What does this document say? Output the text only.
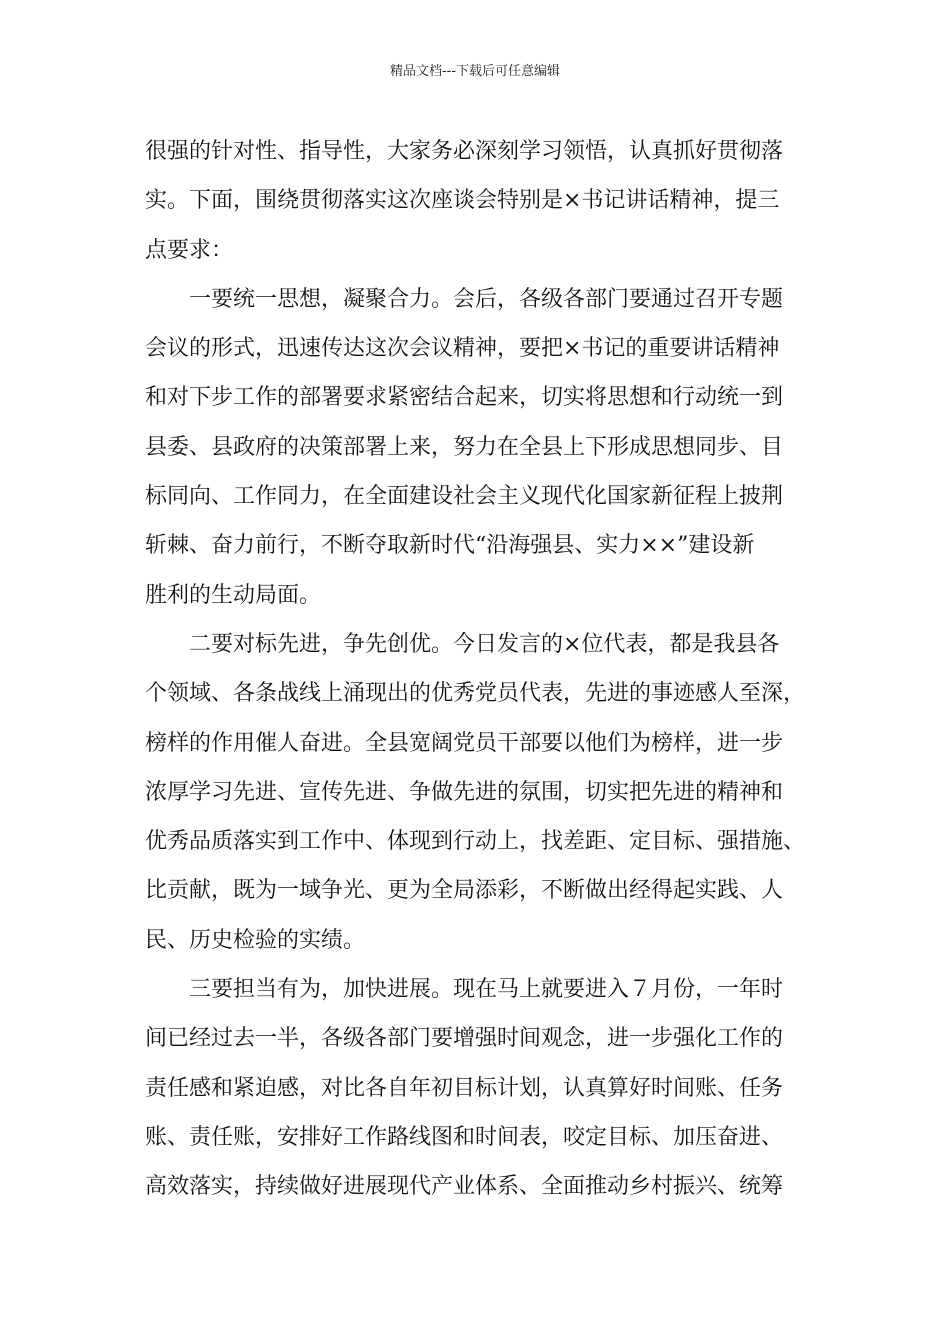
精品文档---下载后可任意编辑
很强的针对性、指导性，大家务必深刻学习领悟，认真抓好贯彻落
实。下面，围绕贯彻落实这次座谈会特别是×书记讲话精神，提三
点要求：
一要统一思想，凝聚合力。会后，各级各部门要通过召开专题
会议的形式，迅速传达这次会议精神，要把×书记的重要讲话精神
和对下步工作的部署要求紧密结合起来，切实将思想和行动统一到
县委、县政府的决策部署上来，努力在全县上下形成思想同步、目
标同向、工作同力，在全面建设社会主义现代化国家新征程上披荆
斩棘、奋力前行，不断夺取新时代“沿海强县、实力××”建设新
胜利的生动局面。
二要对标先进，争先创优。今日发言的×位代表，都是我县各
个领域、各条战线上涌现出的优秀党员代表，先进的事迹感人至深，
榜样的作用催人奋进。全县宽阔党员干部要以他们为榜样，进一步
浓厚学习先进、宣传先进、争做先进的氛围，切实把先进的精神和
优秀品质落实到工作中、体现到行动上，找差距、定目标、强措施、
比贡献，既为一域争光、更为全局添彩，不断做出经得起实践、人
民、历史检验的实绩。
三要担当有为，加快进展。现在马上就要进入７月份，一年时
间已经过去一半，各级各部门要增强时间观念，进一步强化工作的
责任感和紧迫感，对比各自年初目标计划，认真算好时间账、任务
账、责任账，安排好工作路线图和时间表，咬定目标、加压奋进、
高效落实，持续做好进展现代产业体系、全面推动乡村振兴、统筹
